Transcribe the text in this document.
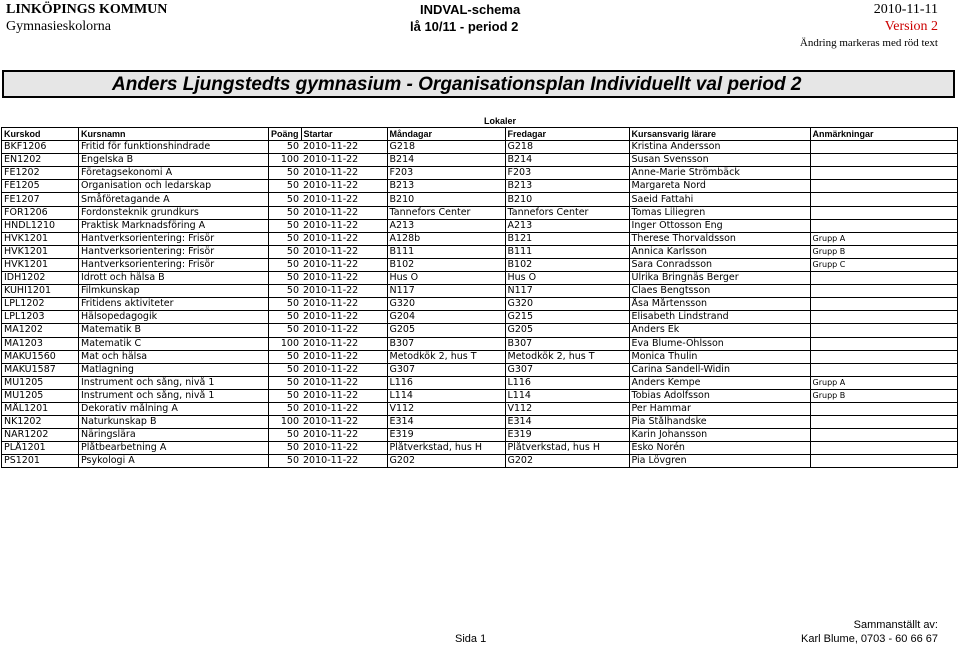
LINKÖPINGS KOMMUN
Gymnasieskolorna
INDVAL-schema
lå 10/11 - period 2
2010-11-11
Version 2
Ändring markeras med röd text
Anders Ljungstedts gymnasium - Organisationsplan Individuellt val period 2
Lokaler
Kurskod	Kursnamn	Poäng	Startar	Måndagar	Fredagar	Kursansvarig lärare	Anmärkningar
BKF1206	Fritid för funktionshindrade	50	2010-11-22	G218	G218	Kristina Andersson	
EN1202	Engelska B	100	2010-11-22	B214	B214	Susan Svensson	
FE1202	Företagsekonomi A	50	2010-11-22	F203	F203	Anne-Marie Strömbäck	
FE1205	Organisation och ledarskap	50	2010-11-22	B213	B213	Margareta Nord	
FE1207	Småföretagande A	50	2010-11-22	B210	B210	Saeid Fattahi	
FOR1206	Fordonsteknik grundkurs	50	2010-11-22	Tannefors Center	Tannefors Center	Tomas Liliegren	
HNDL1210	Praktisk Marknadsföring A	50	2010-11-22	A213	A213	Inger Ottosson Eng	
HVK1201	Hantverksorientering: Frisör	50	2010-11-22	A128b	B121	Therese Thorvaldsson	Grupp A
HVK1201	Hantverksorientering: Frisör	50	2010-11-22	B111	B111	Annica Karlsson	Grupp B
HVK1201	Hantverksorientering: Frisör	50	2010-11-22	B102	B102	Sara Conradsson	Grupp C
IDH1202	Idrott och hälsa B	50	2010-11-22	Hus O	Hus O	Ulrika Bringnäs Berger	
KUHI1201	Filmkunskap	50	2010-11-22	N117	N117	Claes Bengtsson	
LPL1202	Fritidens aktiviteter	50	2010-11-22	G320	G320	Åsa Mårtensson	
LPL1203	Hälsopedagogik	50	2010-11-22	G204	G215	Elisabeth Lindstrand	
MA1202	Matematik B	50	2010-11-22	G205	G205	Anders Ek	
MA1203	Matematik C	100	2010-11-22	B307	B307	Eva Blume-Ohlsson	
MAKU1560	Mat och hälsa	50	2010-11-22	Metodkök 2, hus T	Metodkök 2, hus T	Monica Thulin	
MAKU1587	Matlagning	50	2010-11-22	G307	G307	Carina Sandell-Widin	
MU1205	Instrument och sång, nivå 1	50	2010-11-22	L116	L116	Anders Kempe	Grupp A
MU1205	Instrument och sång, nivå 1	50	2010-11-22	L114	L114	Tobias Adolfsson	Grupp B
MÅL1201	Dekorativ målning A	50	2010-11-22	V112	V112	Per Hammar	
NK1202	Naturkunskap B	100	2010-11-22	E314	E314	Pia Stålhandske	
NÄR1202	Näringslära	50	2010-11-22	E319	E319	Karin Johansson	
PLÅ1201	Plåtbearbetning A	50	2010-11-22	Plåtverkstad, hus H	Plåtverkstad, hus H	Esko Norén	
PS1201	Psykologi A	50	2010-11-22	G202	G202	Pia Lövgren	
Sida 1
Sammanställt av:
Karl Blume, 0703 - 60 66 67
